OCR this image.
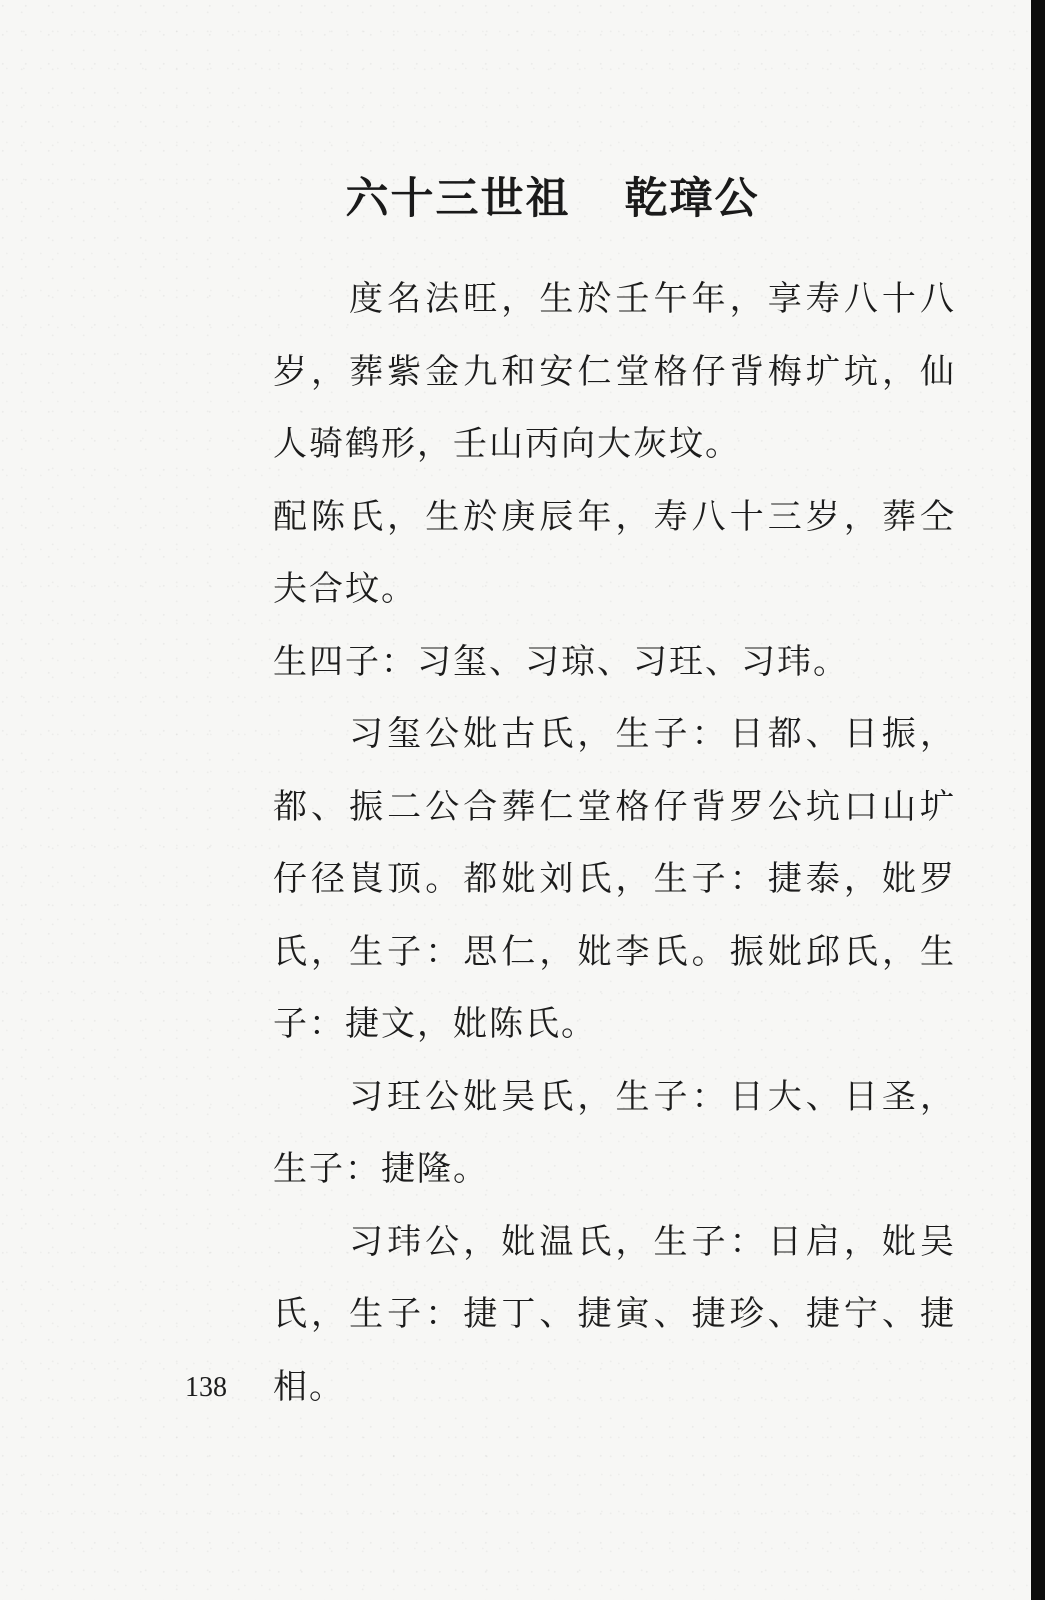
六十三世祖 乾璋公

度名法旺，生於壬午年，享寿八十八岁，葬紫金九和安仁堂格仔背梅圹坑，仙人骑鹤形，壬山丙向大灰坟。

配陈氏，生於庚辰年，寿八十三岁，葬仝夫合坟。

生四子：习玺、习琼、习玨、习玮。

习玺公妣古氏，生子：日都、日振，都、振二公合葬仁堂格仔背罗公坑口山圹仔径崀顶。都妣刘氏，生子：捷泰，妣罗氏，生子：思仁，妣李氏。振妣邱氏，生子：捷文，妣陈氏。

习玨公妣吴氏，生子：日大、日圣，生子：捷隆。

习玮公，妣温氏，生子：日启，妣吴氏，生子：捷丁、捷寅、捷珍、捷宁、捷相。

138
